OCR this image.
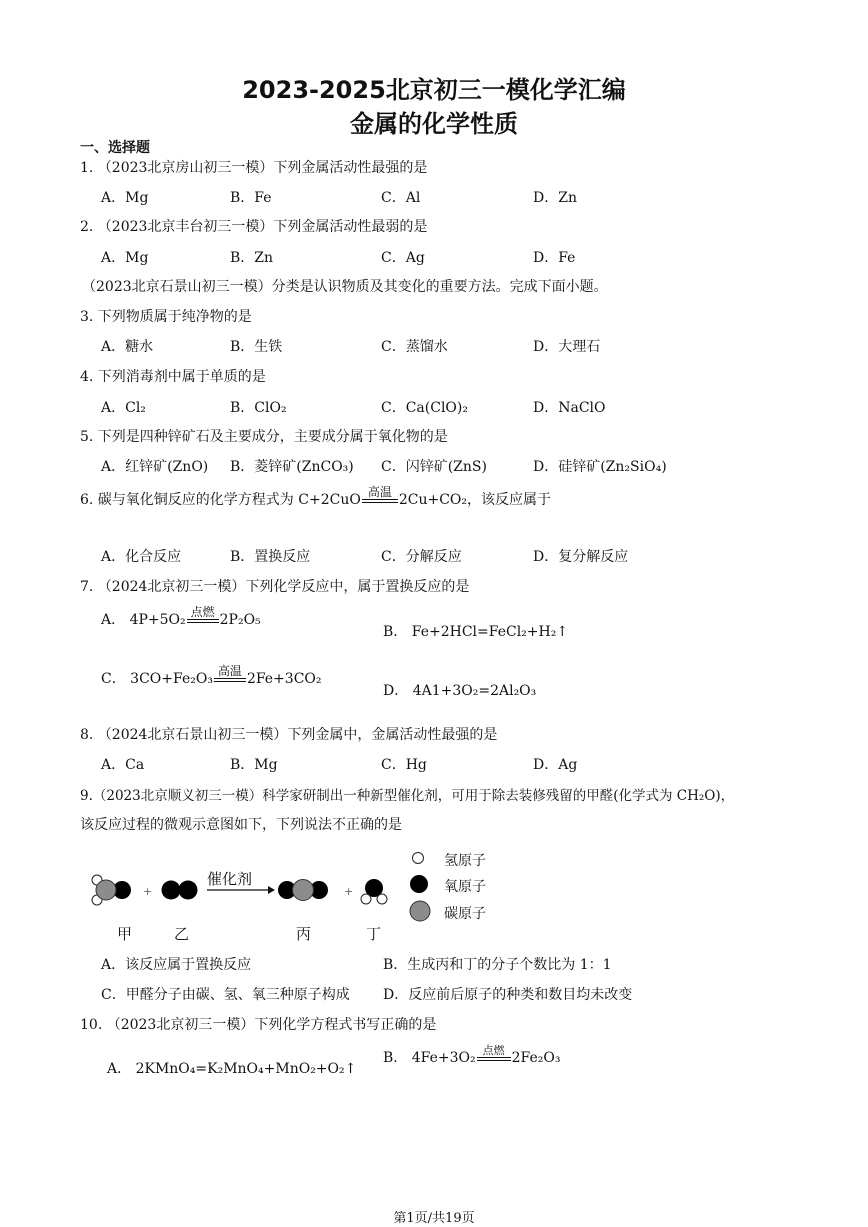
2023-2025北京初三一模化学汇编
金属的化学性质
一、选择题
1. （2023北京房山初三一模）下列金属活动性最强的是
A．Mg	B．Fe	C．Al	D．Zn
2. （2023北京丰台初三一模）下列金属活动性最弱的是
A．Mg	B．Zn	C．Ag	D．Fe
（2023北京石景山初三一模）分类是认识物质及其变化的重要方法。完成下面小题。
3. 下列物质属于纯净物的是
A．糖水	B．生铁	C．蒸馏水	D．大理石
4. 下列消毒剂中属于单质的是
A．Cl₂	B．ClO₂	C．Ca(ClO)₂	D．NaClO
5. 下列是四种锌矿石及主要成分，主要成分属于氧化物的是
A．红锌矿(ZnO) B．菱锌矿(ZnCO₃) C．闪锌矿(ZnS)	D．硅锌矿(Zn₂SiO₄)
6. 碳与氧化铜反应的化学方程式为 C+2CuO 高温 2Cu+CO₂，该反应属于
A．化合反应	B．置换反应	C．分解反应	D．复分解反应
7. （2024北京初三一模）下列化学反应中，属于置换反应的是
A． 4P+5O₂ 点燃 2P₂O₅
B． Fe+2HCl=FeCl₂+H₂↑
C． 3CO+Fe₂O₃ 高温 2Fe+3CO₂
D． 4A1+3O₂=2Al₂O₃
8. （2024北京石景山初三一模）下列金属中，金属活动性最强的是
A．Ca	B．Mg	C．Hg	D．Ag
9.（2023北京顺义初三一模）科学家研制出一种新型催化剂，可用于除去装修残留的甲醛(化学式为 CH₂O)，
该反应过程的微观示意图如下，下列说法不正确的是
+	+
催化剂
氢原子
氧原子
碳原子
甲	乙	丙	丁
A．该反应属于置换反应	B．生成丙和丁的分子个数比为 1：1
C．甲醛分子由碳、氢、氧三种原子构成 D．反应前后原子的种类和数目均未改变
10. （2023北京初三一模）下列化学方程式书写正确的是
A． 2KMnO₄=K₂MnO₄+MnO₂+O₂↑
B． 4Fe+3O₂ 点燃 2Fe₂O₃
第1页/共19页
